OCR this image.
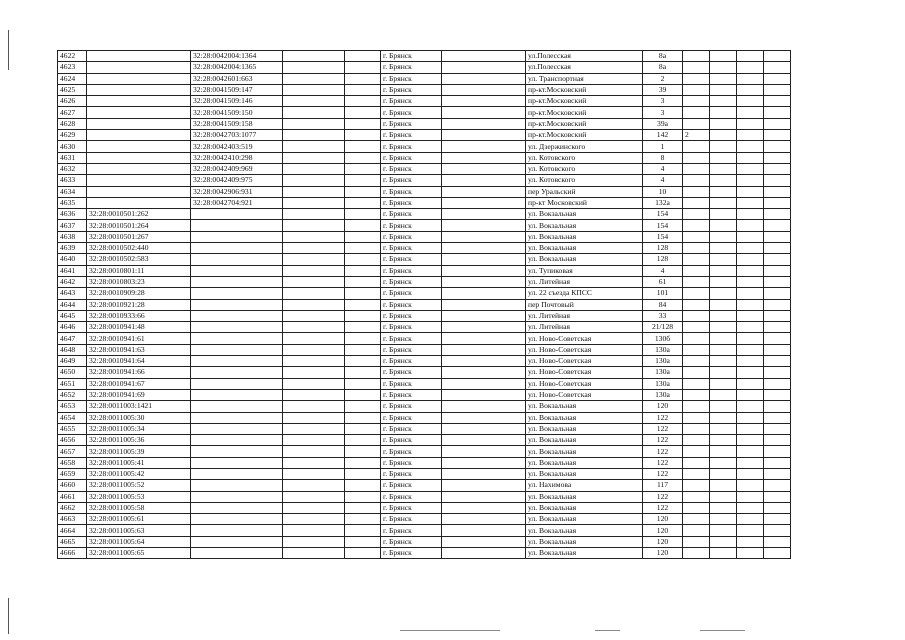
4622		32:28:0042004:1364			г. Брянск		ул.Полесская	8а				
4623		32:28:0042004:1365			г. Брянск		ул.Полесская	8а				
4624		32:28:0042601:663			г. Брянск		ул. Транспортная	2				
4625		32:28:0041509:147			г. Брянск		пр-кт.Московский	39				
4626		32:28:0041509:146			г. Брянск		пр-кт.Московский	3				
4627		32:28:0041509:150			г. Брянск		пр-кт.Московский	3				
4628		32:28:0041509:158			г. Брянск		пр-кт.Московский	39а				
4629		32:28:0042703:1077			г. Брянск		пр-кт.Московский	142	2			
4630		32:28:0042403:519			г. Брянск		ул. Дзержинского	1				
4631		32:28:0042410:298			г. Брянск		ул. Котовского	8				
4632		32:28:0042409:969			г. Брянск		ул. Котовского	4				
4633		32:28:0042409:975			г. Брянск		ул. Котовского	4				
4634		32:28:0042906:931			г. Брянск		пер Уральский	10				
4635		32:28:0042704:921			г. Брянск		пр-кт Московский	132а				
4636	32:28:0010501:262				г. Брянск		ул. Вокзальная	154				
4637	32:28:0010501:264				г. Брянск		ул. Вокзальная	154				
4638	32:28:0010501:267				г. Брянск		ул. Вокзальная	154				
4639	32:28:0010502:440				г. Брянск		ул. Вокзальная	128				
4640	32:28:0010502:583				г. Брянск		ул. Вокзальная	128				
4641	32:28:0010801:11				г. Брянск		ул. Тупиковая	4				
4642	32:28:0010803:23				г. Брянск		ул. Литейная	61				
4643	32:28:0010909:28				г. Брянск		ул. 22 съезда КПСС	101				
4644	32:28:0010921:28				г. Брянск		пер Почтовый	84				
4645	32:28:0010933:66				г. Брянск		ул. Литейная	33				
4646	32:28:0010941:48				г. Брянск		ул. Литейная	21/128				
4647	32:28:0010941:61				г. Брянск		ул. Ново-Советская	130б				
4648	32:28:0010941:63				г. Брянск		ул. Ново-Советская	130а				
4649	32:28:0010941:64				г. Брянск		ул. Ново-Советская	130а				
4650	32:28:0010941:66				г. Брянск		ул. Ново-Советская	130а				
4651	32:28:0010941:67				г. Брянск		ул. Ново-Советская	130а				
4652	32:28:0010941:69				г. Брянск		ул. Ново-Советская	130а				
4653	32:28:0011003:1421				г. Брянск		ул. Вокзальная	120				
4654	32:28:0011005:30				г. Брянск		ул. Вокзальная	122				
4655	32:28:0011005:34				г. Брянск		ул. Вокзальная	122				
4656	32:28:0011005:36				г. Брянск		ул. Вокзальная	122				
4657	32:28:0011005:39				г. Брянск		ул. Вокзальная	122				
4658	32:28:0011005:41				г. Брянск		ул. Вокзальная	122				
4659	32:28:0011005:42				г. Брянск		ул. Вокзальная	122				
4660	32:28:0011005:52				г. Брянск		ул. Нахимова	117				
4661	32:28:0011005:53				г. Брянск		ул. Вокзальная	122				
4662	32:28:0011005:58				г. Брянск		ул. Вокзальная	122				
4663	32:28:0011005:61				г. Брянск		ул. Вокзальная	120				
4664	32:28:0011005:63				г. Брянск		ул. Вокзальная	120				
4665	32:28:0011005:64				г. Брянск		ул. Вокзальная	120				
4666	32:28:0011005:65				г. Брянск		ул. Вокзальная	120				
